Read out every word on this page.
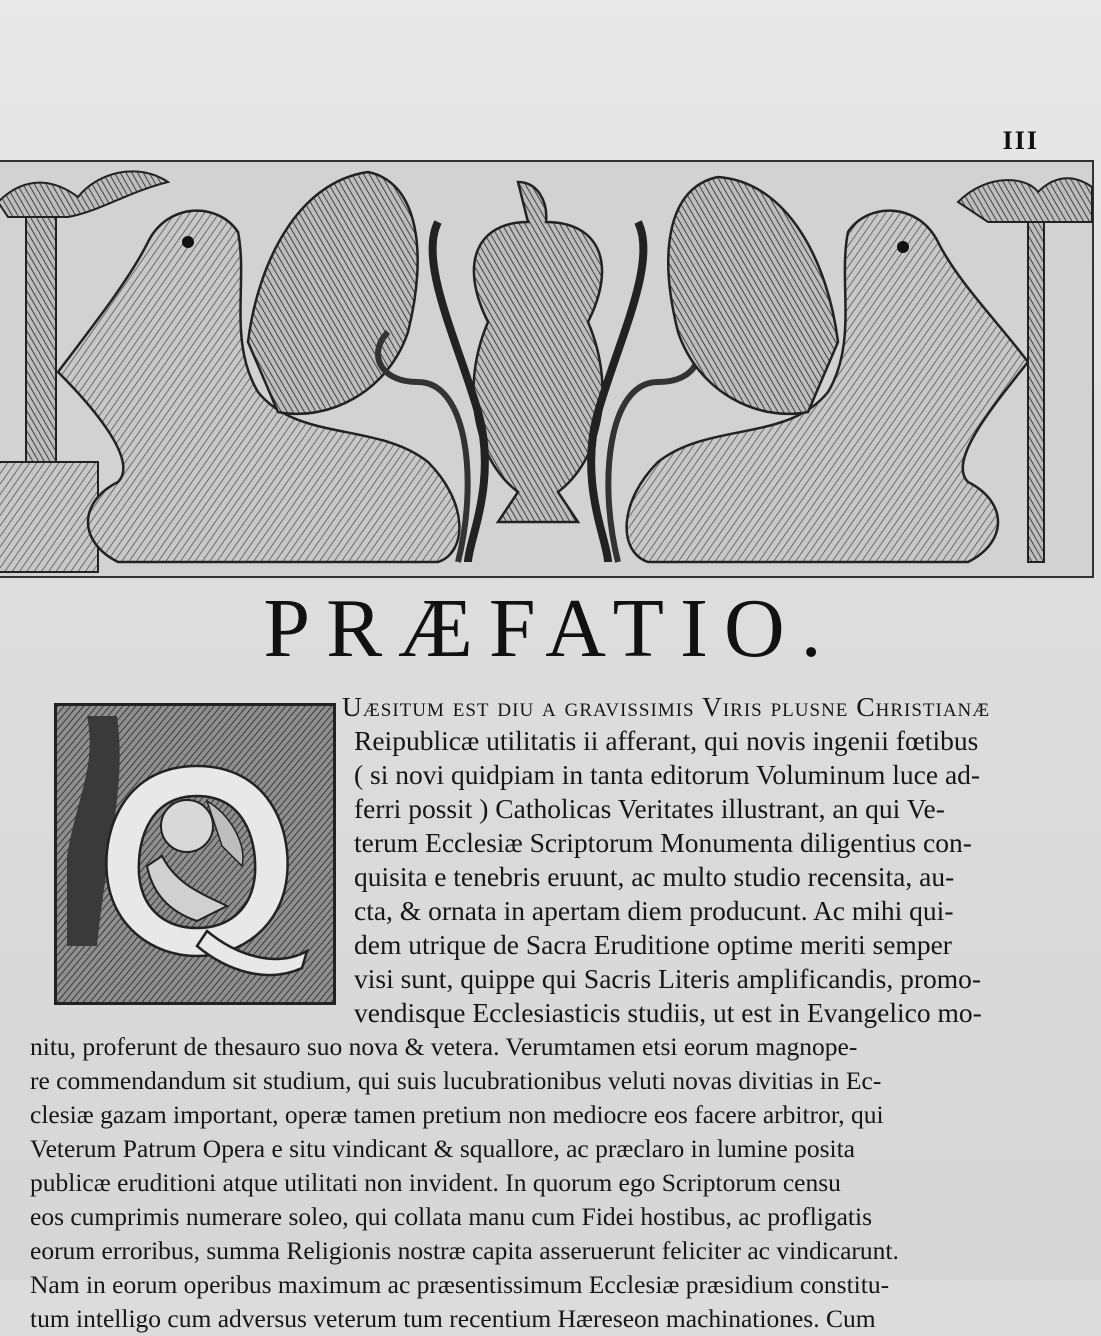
III
PRÆFATIO.
Uæsitum est diu a gravissimis Viris plusne Christianæ
Reipublicæ utilitatis ii afferant, qui novis ingenii fœtibus
( si novi quidpiam in tanta editorum Voluminum luce ad-
ferri possit ) Catholicas Veritates illustrant, an qui Ve-
terum Ecclesiæ Scriptorum Monumenta diligentius con-
quisita e tenebris eruunt, ac multo studio recensita, au-
cta, & ornata in apertam diem producunt. Ac mihi qui-
dem utrique de Sacra Eruditione optime meriti semper
visi sunt, quippe qui Sacris Literis amplificandis, promo-
vendisque Ecclesiasticis studiis, ut est in Evangelico mo-
nitu, proferunt de thesauro suo nova & vetera. Verumtamen etsi eorum magnope-
re commendandum sit studium, qui suis lucubrationibus veluti novas divitias in Ec-
clesiæ gazam important, operæ tamen pretium non mediocre eos facere arbitror, qui
Veterum Patrum Opera e situ vindicant & squallore, ac præclaro in lumine posita
publicæ eruditioni atque utilitati non invident. In quorum ego Scriptorum censu
eos cumprimis numerare soleo, qui collata manu cum Fidei hostibus, ac profligatis
eorum erroribus, summa Religionis nostræ capita asseruerunt feliciter ac vindicarunt.
Nam in eorum operibus maximum ac præsentissimum Ecclesiæ præsidium constitu-
tum intelligo cum adversus veterum tum recentium Hæreseon machinationes. Cum
